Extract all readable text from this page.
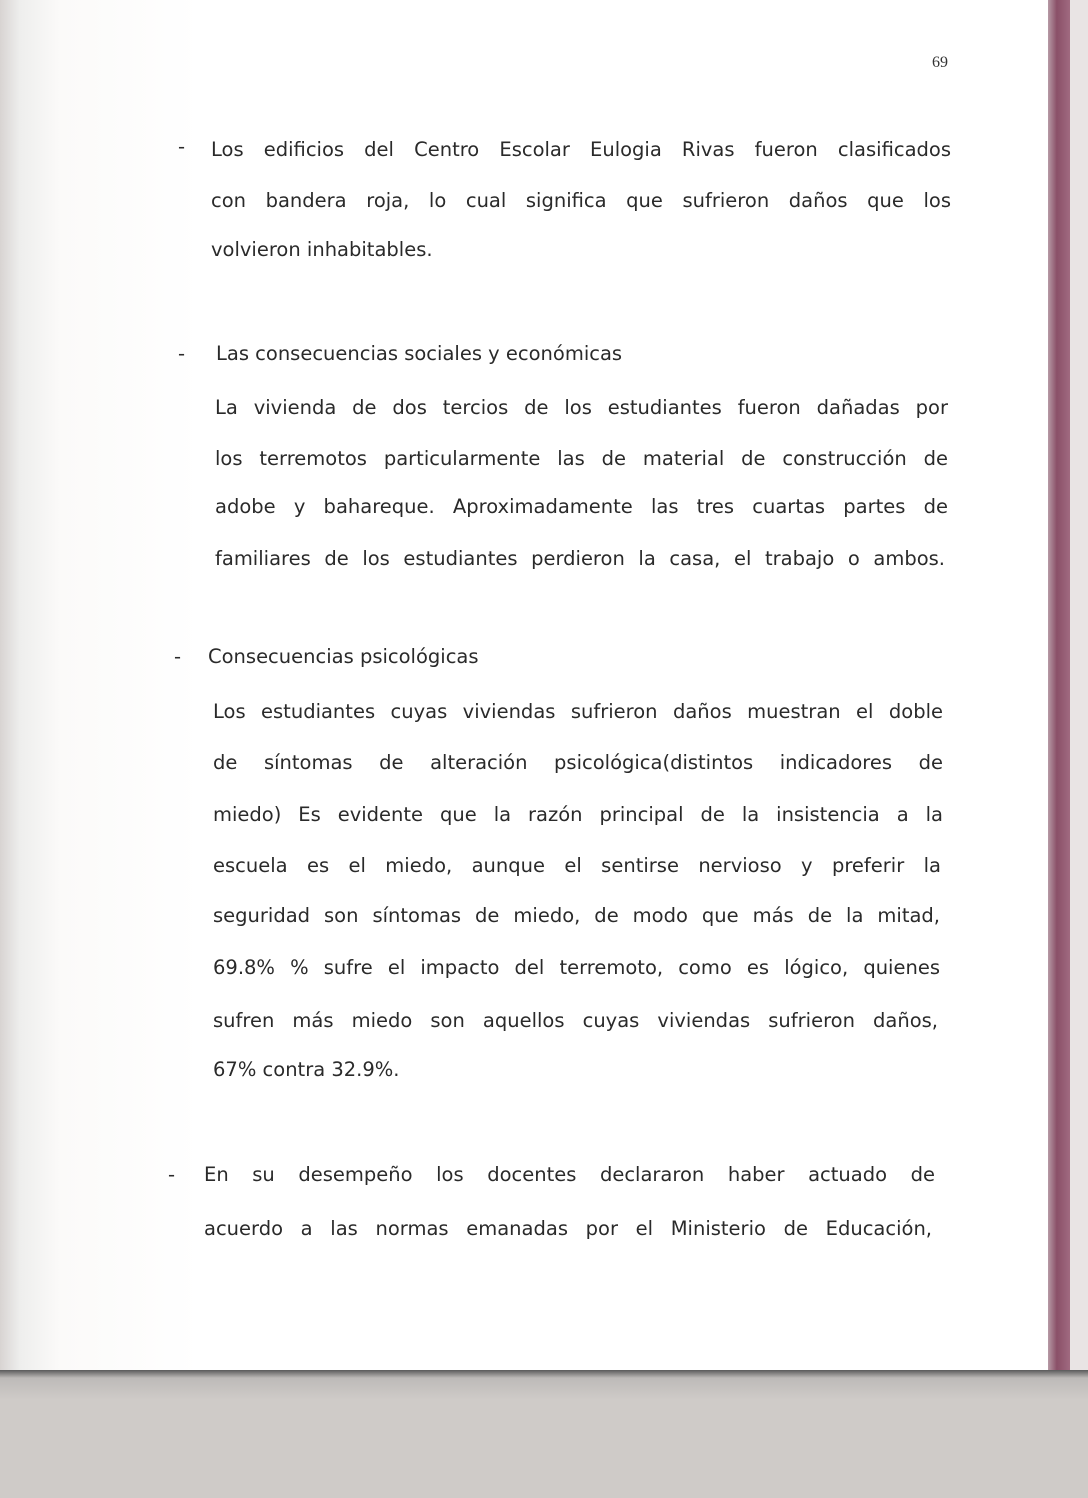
69
- Los edificios del Centro Escolar Eulogia Rivas fueron clasificados
con bandera roja, lo cual significa que sufrieron daños que los
volvieron inhabitables.
- Las consecuencias sociales y económicas
La vivienda de dos tercios de los estudiantes fueron dañadas por
los terremotos particularmente las de material de construcción de
adobe y bahareque. Aproximadamente las tres cuartas partes de
familiares de los estudiantes perdieron la casa, el trabajo o ambos.
- Consecuencias psicológicas
Los estudiantes cuyas viviendas sufrieron daños muestran el doble
de síntomas de alteración psicológica(distintos indicadores de
miedo) Es evidente que la razón principal de la insistencia a la
escuela es el miedo, aunque el sentirse nervioso y preferir la
seguridad son síntomas de miedo, de modo que más de la mitad,
69.8% % sufre el impacto del terremoto, como es lógico, quienes
sufren más miedo son aquellos cuyas viviendas sufrieron daños,
67% contra 32.9%.
- En su desempeño los docentes declararon haber actuado de
acuerdo a las normas emanadas por el Ministerio de Educación,
